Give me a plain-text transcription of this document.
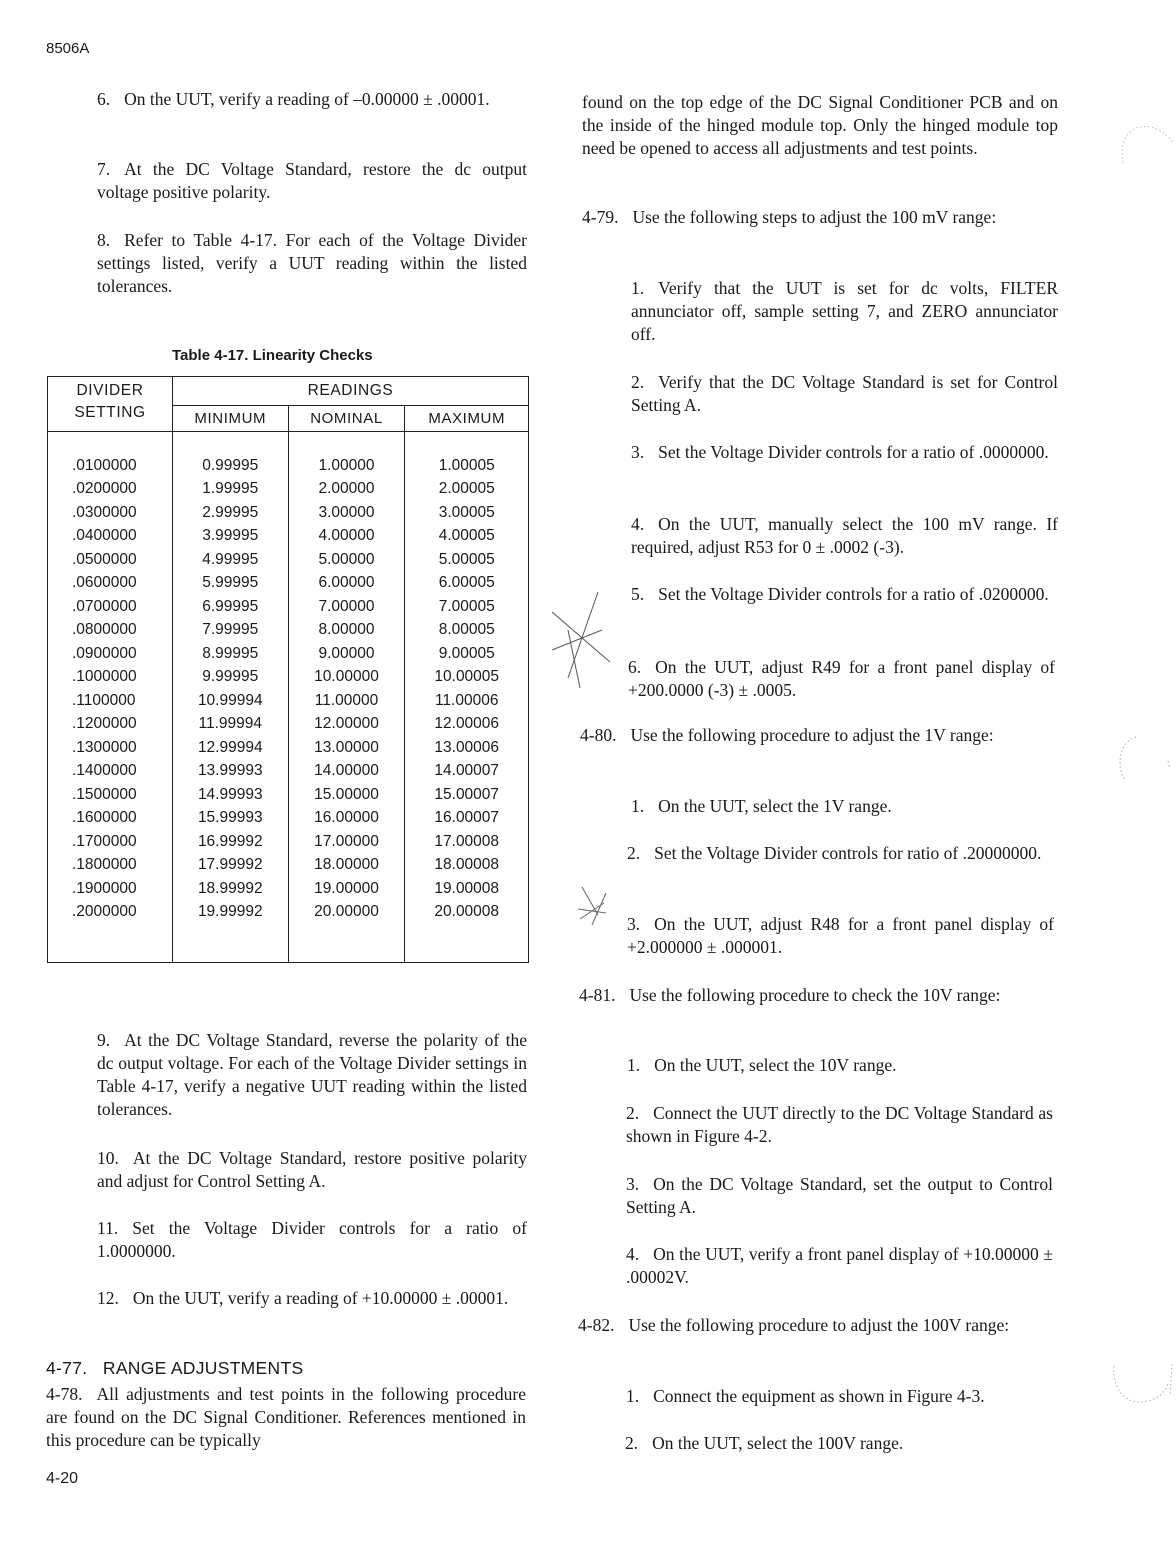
8506A
6. On the UUT, verify a reading of –0.00000 ± .00001.
7. At the DC Voltage Standard, restore the dc output voltage positive polarity.
8. Refer to Table 4-17. For each of the Voltage Divider settings listed, verify a UUT reading within the listed tolerances.
Table 4-17. Linearity Checks
DIVIDER
SETTING	READINGS		
	MINIMUM	NOMINAL	MAXIMUM

.0100000	0.99995	1.00000	1.00005
.0200000	1.99995	2.00000	2.00005
.0300000	2.99995	3.00000	3.00005
.0400000	3.99995	4.00000	4.00005
.0500000	4.99995	5.00000	5.00005
.0600000	5.99995	6.00000	6.00005
.0700000	6.99995	7.00000	7.00005
.0800000	7.99995	8.00000	8.00005
.0900000	8.99995	9.00000	9.00005
.1000000	9.99995	10.00000	10.00005
.1100000	10.99994	11.00000	11.00006
.1200000	11.99994	12.00000	12.00006
.1300000	12.99994	13.00000	13.00006
.1400000	13.99993	14.00000	14.00007
.1500000	14.99993	15.00000	15.00007
.1600000	15.99993	16.00000	16.00007
.1700000	16.99992	17.00000	17.00008
.1800000	17.99992	18.00000	18.00008
.1900000	18.99992	19.00000	19.00008
.2000000	19.99992	20.00000	20.00008

9. At the DC Voltage Standard, reverse the polarity of the dc output voltage. For each of the Voltage Divider settings in Table 4-17, verify a negative UUT reading within the listed tolerances.
10. At the DC Voltage Standard, restore positive polarity and adjust for Control Setting A.
11. Set the Voltage Divider controls for a ratio of 1.0000000.
12. On the UUT, verify a reading of +10.00000 ± .00001.
4-77. RANGE ADJUSTMENTS
4-78. All adjustments and test points in the following procedure are found on the DC Signal Conditioner. References mentioned in this procedure can be typically
4-20
found on the top edge of the DC Signal Conditioner PCB and on the inside of the hinged module top. Only the hinged module top need be opened to access all adjustments and test points.
4-79. Use the following steps to adjust the 100 mV range:
1. Verify that the UUT is set for dc volts, FILTER annunciator off, sample setting 7, and ZERO annunciator off.
2. Verify that the DC Voltage Standard is set for Control Setting A.
3. Set the Voltage Divider controls for a ratio of .0000000.
4. On the UUT, manually select the 100 mV range. If required, adjust R53 for 0 ± .0002 (-3).
5. Set the Voltage Divider controls for a ratio of .0200000.
6. On the UUT, adjust R49 for a front panel display of +200.0000 (-3) ± .0005.
4-80. Use the following procedure to adjust the 1V range:
1. On the UUT, select the 1V range.
2. Set the Voltage Divider controls for ratio of .20000000.
3. On the UUT, adjust R48 for a front panel display of +2.000000 ± .000001.
4-81. Use the following procedure to check the 10V range:
1. On the UUT, select the 10V range.
2. Connect the UUT directly to the DC Voltage Standard as shown in Figure 4-2.
3. On the DC Voltage Standard, set the output to Control Setting A.
4. On the UUT, verify a front panel display of +10.00000 ± .00002V.
4-82. Use the following procedure to adjust the 100V range:
1. Connect the equipment as shown in Figure 4-3.
2. On the UUT, select the 100V range.
